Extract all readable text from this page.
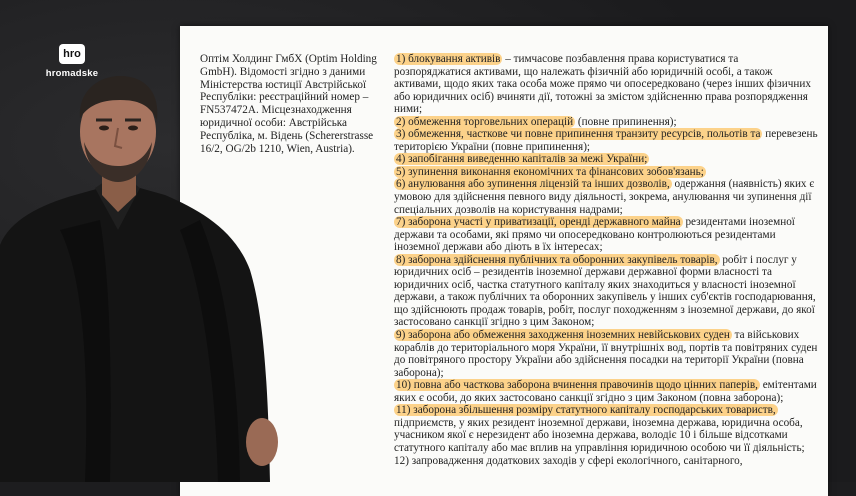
Оптім Холдинг ГмбХ (Optim Holding GmbH). Відомості згідно з даними Міністерства юстиції Австрійської Республіки: реєстраційний номер – FN537472A. Місцезнаходження юридичної особи: Австрійська Республіка, м. Відень (Schererstrasse 16/2, OG/2b 1210, Wien, Austria).

1) блокування активів – тимчасове позбавлення права користуватися та розпоряджатися активами, що належать фізичній або юридичній особі, а також активами, щодо яких така особа може прямо чи опосередковано (через інших фізичних або юридичних осіб) вчиняти дії, тотожні за змістом здійсненню права розпорядження ними;

2) обмеження торговельних операцій (повне припинення);

3) обмеження, часткове чи повне припинення транзиту ресурсів, польотів та перевезень територією України (повне припинення);

4) запобігання виведенню капіталів за межі України;

5) зупинення виконання економічних та фінансових зобов'язань;

6) анулювання або зупинення ліцензій та інших дозволів, одержання (наявність) яких є умовою для здійснення певного виду діяльності, зокрема, анулювання чи зупинення дії спеціальних дозволів на користування надрами;

7) заборона участі у приватизації, оренді державного майна резидентами іноземної держави та особами, які прямо чи опосередковано контролюються резидентами іноземної держави або діють в їх інтересах;

8) заборона здійснення публічних та оборонних закупівель товарів, робіт і послуг у юридичних осіб – резидентів іноземної держави державної форми власності та юридичних осіб, частка статутного капіталу яких знаходиться у власності іноземної держави, а також публічних та оборонних закупівель у інших суб'єктів господарювання, що здійснюють продаж товарів, робіт, послуг походженням з іноземної держави, до якої застосовано санкції згідно з цим Законом;

9) заборона або обмеження заходження іноземних невійськових суден та військових кораблів до територіального моря України, її внутрішніх вод, портів та повітряних суден до повітряного простору України або здійснення посадки на території України (повна заборона);

10) повна або часткова заборона вчинення правочинів щодо цінних паперів, емітентами яких є особи, до яких застосовано санкції згідно з цим Законом (повна заборона);

11) заборона збільшення розміру статутного капіталу господарських товариств, підприємств, у яких резидент іноземної держави, іноземна держава, юридична особа, учасником якої є нерезидент або іноземна держава, володіє 10 і більше відсотками статутного капіталу або має вплив на управління юридичною особою чи її діяльність;

12) запровадження додаткових заходів у сфері екологічного, санітарного,

hro
hromadske
